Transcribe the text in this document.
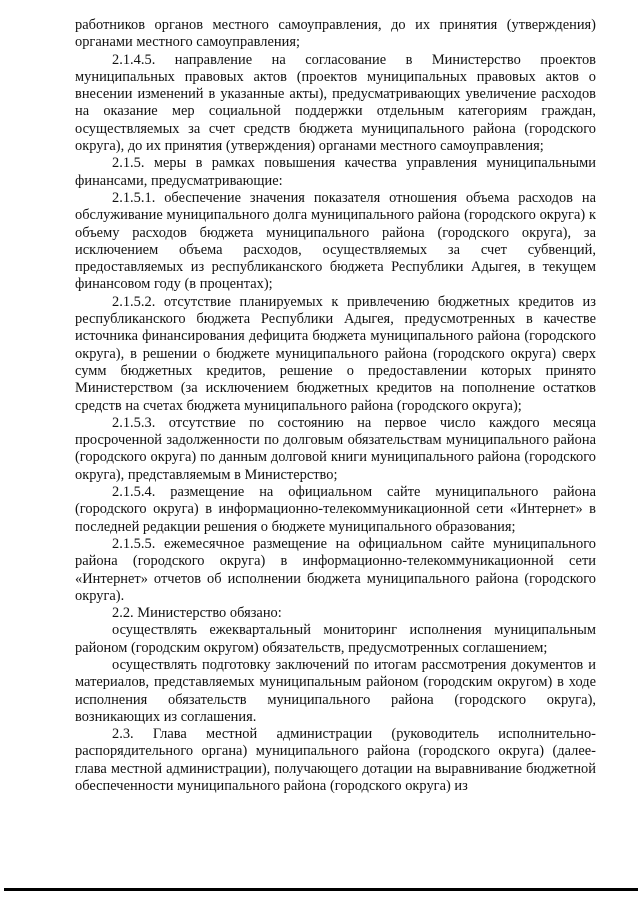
работников органов местного самоуправления, до их принятия (утверждения) органами местного самоуправления;

2.1.4.5. направление на согласование в Министерство проектов муниципальных правовых актов (проектов муниципальных правовых актов о внесении изменений в указанные акты), предусматривающих увеличение расходов на оказание мер социальной поддержки отдельным категориям граждан, осуществляемых за счет средств бюджета муниципального района (городского округа), до их принятия (утверждения) органами местного самоуправления;

2.1.5. меры в рамках повышения качества управления муниципальными финансами, предусматривающие:

2.1.5.1. обеспечение значения показателя отношения объема расходов на обслуживание муниципального долга муниципального района (городского округа) к объему расходов бюджета муниципального района (городского округа), за исключением объема расходов, осуществляемых за счет субвенций, предоставляемых из республиканского бюджета Республики Адыгея, в текущем финансовом году (в процентах);

2.1.5.2. отсутствие планируемых к привлечению бюджетных кредитов из республиканского бюджета Республики Адыгея, предусмотренных в качестве источника финансирования дефицита бюджета муниципального района (городского округа), в решении о бюджете муниципального района (городского округа) сверх сумм бюджетных кредитов, решение о предоставлении которых принято Министерством (за исключением бюджетных кредитов на пополнение остатков средств на счетах бюджета муниципального района (городского округа);

2.1.5.3. отсутствие по состоянию на первое число каждого месяца просроченной задолженности по долговым обязательствам муниципального района (городского округа) по данным долговой книги муниципального района (городского округа), представляемым в Министерство;

2.1.5.4. размещение на официальном сайте муниципального района (городского округа) в информационно-телекоммуникационной сети «Интернет» в последней редакции решения о бюджете муниципального образования;

2.1.5.5. ежемесячное размещение на официальном сайте муниципального района (городского округа) в информационно-телекоммуникационной сети «Интернет» отчетов об исполнении бюджета муниципального района (городского округа).

2.2. Министерство обязано:

осуществлять ежеквартальный мониторинг исполнения муниципальным районом (городским округом) обязательств, предусмотренных соглашением;

осуществлять подготовку заключений по итогам рассмотрения документов и материалов, представляемых муниципальным районом (городским округом) в ходе исполнения обязательств муниципального района (городского округа), возникающих из соглашения.

2.3. Глава местной администрации (руководитель исполнительно-распорядительного органа) муниципального района (городского округа) (далее- глава местной администрации), получающего дотации на выравнивание бюджетной обеспеченности муниципального района (городского округа) из
